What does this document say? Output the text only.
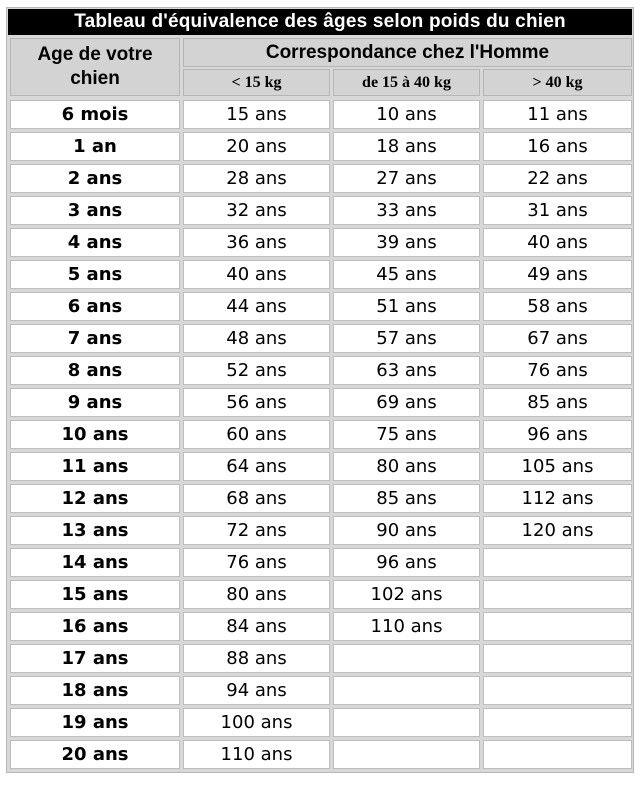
Tableau d'équivalence des âges selon poids du chien
Age de votre chien
Correspondance chez l'Homme
< 15 kg	de 15 à 40 kg	> 40 kg
6 mois	15 ans	10 ans	11 ans
1 an	20 ans	18 ans	16 ans
2 ans	28 ans	27 ans	22 ans
3 ans	32 ans	33 ans	31 ans
4 ans	36 ans	39 ans	40 ans
5 ans	40 ans	45 ans	49 ans
6 ans	44 ans	51 ans	58 ans
7 ans	48 ans	57 ans	67 ans
8 ans	52 ans	63 ans	76 ans
9 ans	56 ans	69 ans	85 ans
10 ans	60 ans	75 ans	96 ans
11 ans	64 ans	80 ans	105 ans
12 ans	68 ans	85 ans	112 ans
13 ans	72 ans	90 ans	120 ans
14 ans	76 ans	96 ans
15 ans	80 ans	102 ans
16 ans	84 ans	110 ans
17 ans	88 ans
18 ans	94 ans
19 ans	100 ans
20 ans	110 ans
